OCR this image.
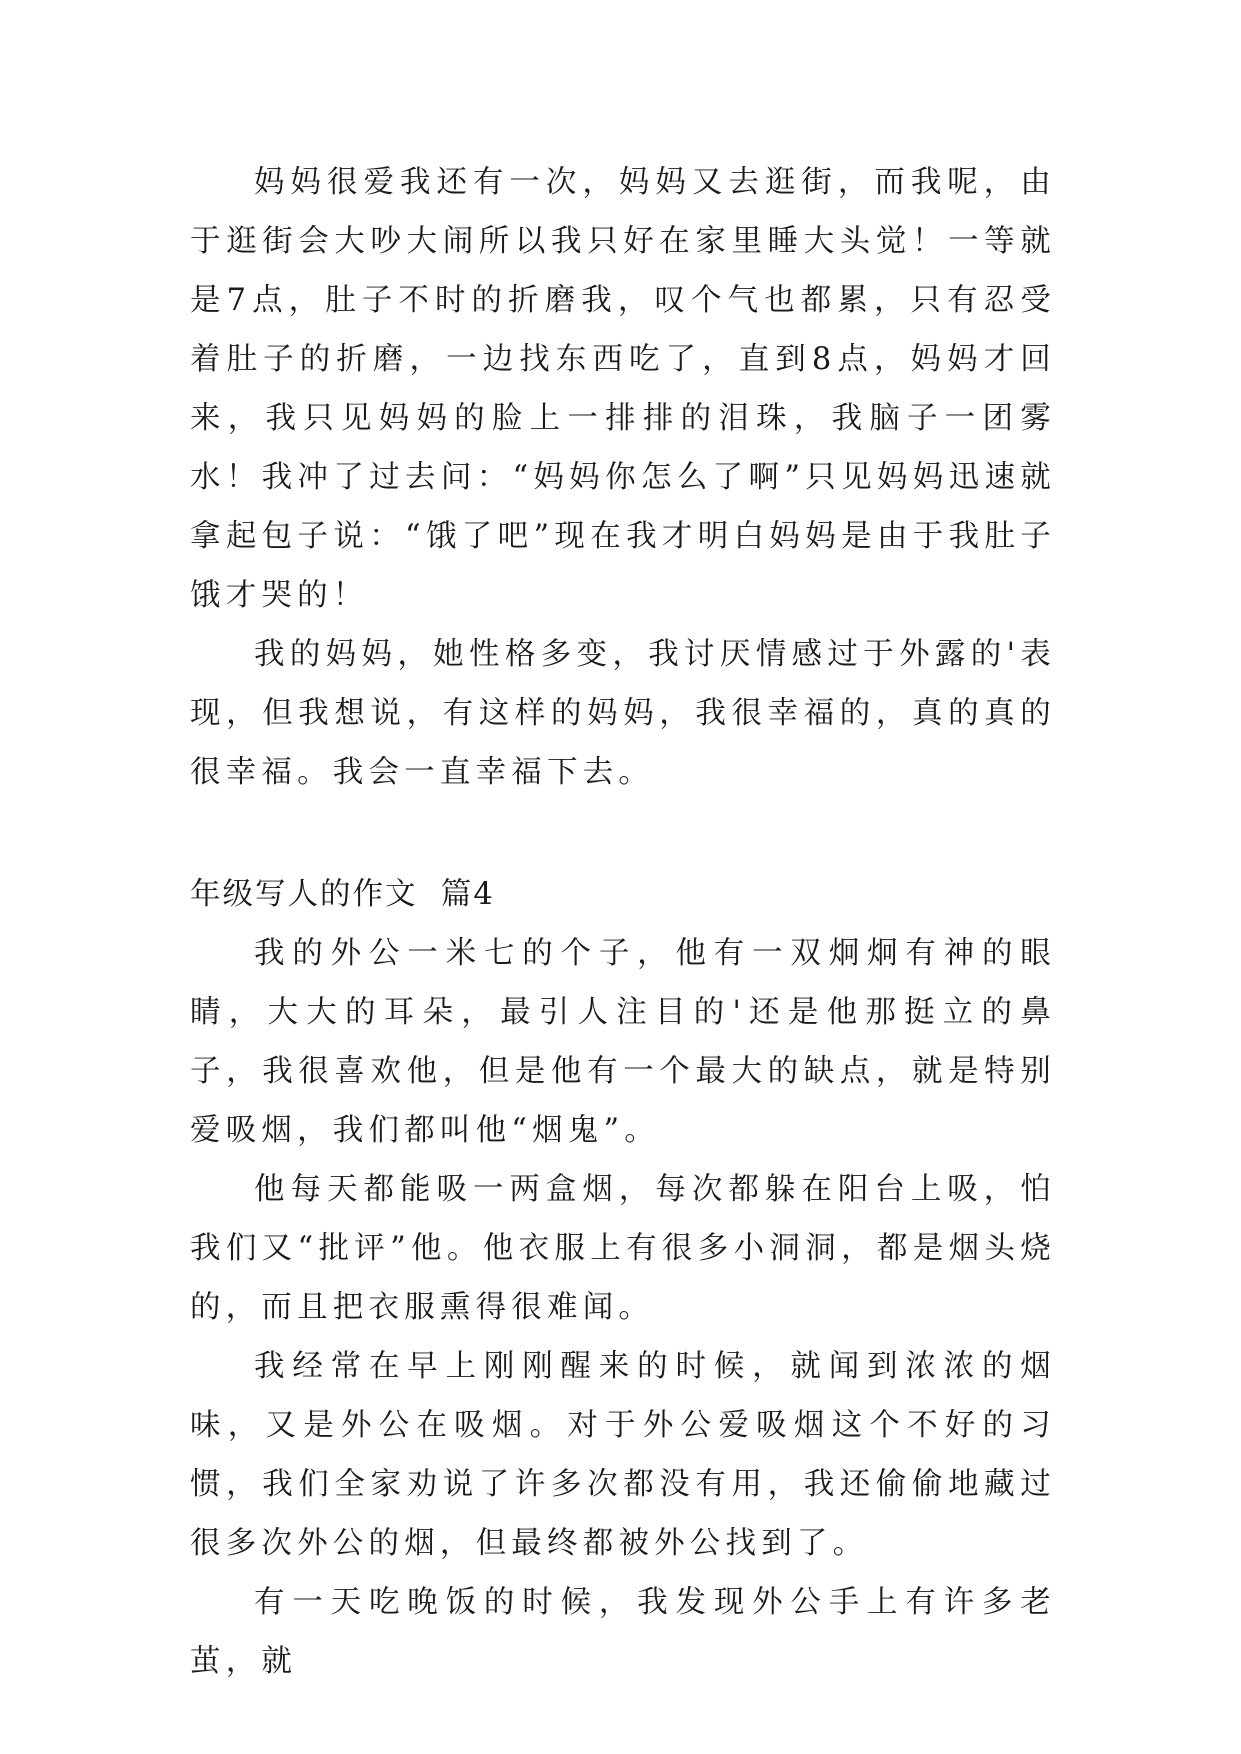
妈妈很爱我还有一次，妈妈又去逛街，而我呢，由于逛街会大吵大闹所以我只好在家里睡大头觉！一等就是7点，肚子不时的折磨我，叹个气也都累，只有忍受着肚子的折磨，一边找东西吃了，直到8点，妈妈才回来，我只见妈妈的脸上一排排的泪珠，我脑子一团雾水！我冲了过去问：“妈妈你怎么了啊”只见妈妈迅速就拿起包子说：“饿了吧”现在我才明白妈妈是由于我肚子饿才哭的！

我的妈妈，她性格多变，我讨厌情感过于外露的'表现，但我想说，有这样的妈妈，我很幸福的，真的真的很幸福。我会一直幸福下去。

年级写人的作文  篇4

我的外公一米七的个子，他有一双炯炯有神的眼睛，大大的耳朵，最引人注目的'还是他那挺立的鼻子，我很喜欢他，但是他有一个最大的缺点，就是特别爱吸烟，我们都叫他“烟鬼”。

他每天都能吸一两盒烟，每次都躲在阳台上吸，怕我们又“批评”他。他衣服上有很多小洞洞，都是烟头烧的，而且把衣服熏得很难闻。

我经常在早上刚刚醒来的时候，就闻到浓浓的烟味，又是外公在吸烟。对于外公爱吸烟这个不好的习惯，我们全家劝说了许多次都没有用，我还偷偷地藏过很多次外公的烟，但最终都被外公找到了。

有一天吃晚饭的时候，我发现外公手上有许多老茧，就
